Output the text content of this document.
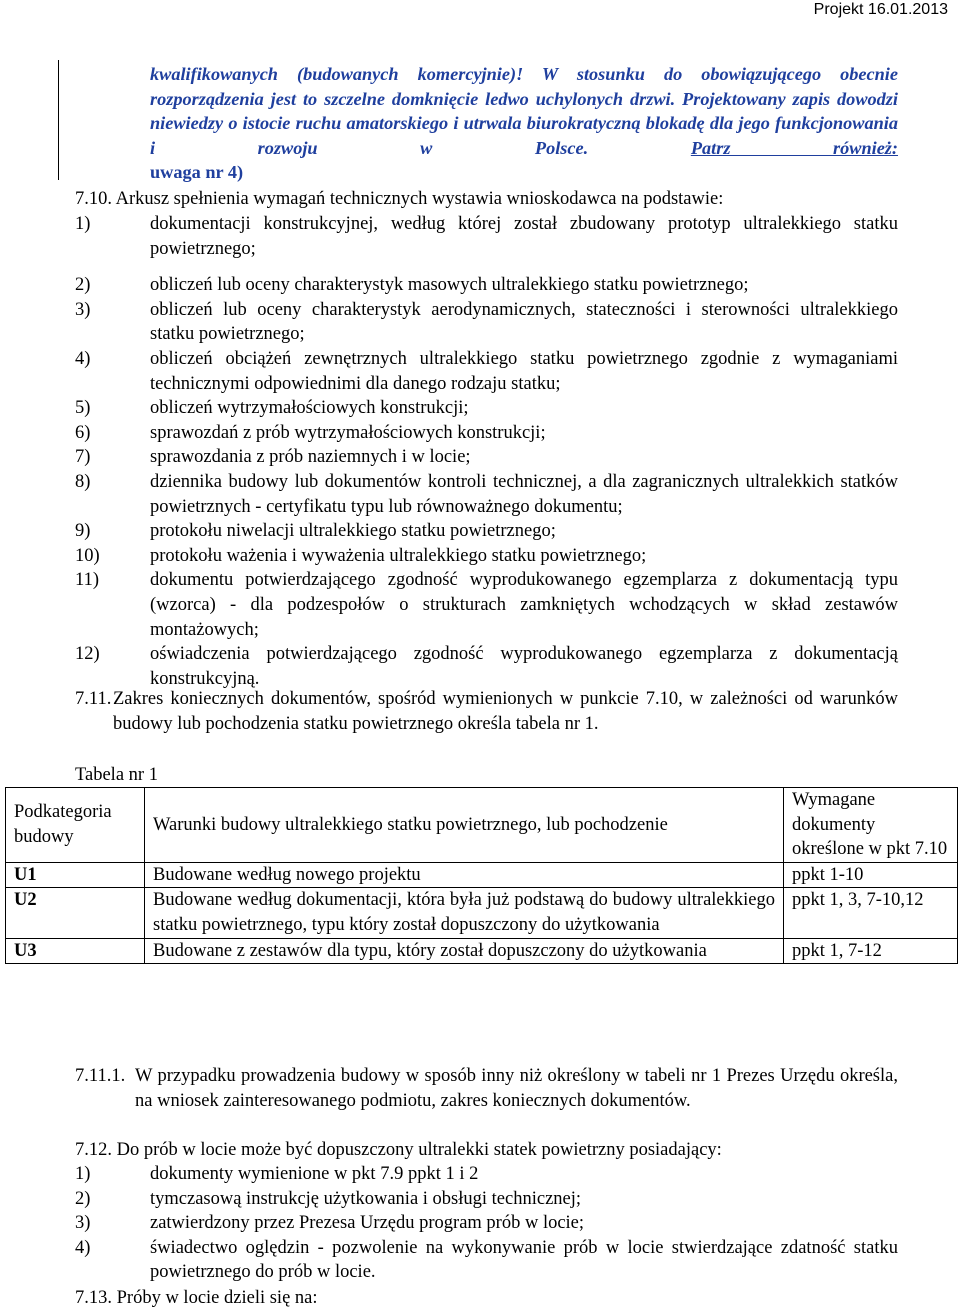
Projekt 16.01.2013
kwalifikowanych (budowanych komercyjnie)! W stosunku do obowiązującego obecnie rozporządzenia jest to szczelne domknięcie ledwo uchylonych drzwi. Projektowany zapis dowodzi niewiedzy o istocie ruchu amatorskiego i utrwala biurokratyczną blokadę dla jego funkcjonowania i rozwoju w Polsce.	Patrz również:
uwaga nr 4)
7.10. Arkusz spełnienia wymagań technicznych wystawia wnioskodawca na podstawie:
1)	dokumentacji konstrukcyjnej, według której został zbudowany prototyp ultralekkiego statku powietrznego;
2)	obliczeń lub oceny charakterystyk masowych ultralekkiego statku powietrznego;
3)	obliczeń lub oceny charakterystyk aerodynamicznych, stateczności i sterowności ultralekkiego statku powietrznego;
4)	obliczeń obciążeń zewnętrznych ultralekkiego statku powietrznego zgodnie z wymaganiami technicznymi odpowiednimi dla danego rodzaju statku;
5)	obliczeń wytrzymałościowych konstrukcji;
6)	sprawozdań z prób wytrzymałościowych konstrukcji;
7)	sprawozdania z prób naziemnych i w locie;
8)	dziennika budowy lub dokumentów kontroli technicznej, a dla zagranicznych ultralekkich statków powietrznych - certyfikatu typu lub równoważnego dokumentu;
9)	protokołu niwelacji ultralekkiego statku powietrznego;
10)	protokołu ważenia i wyważenia ultralekkiego statku powietrznego;
11)	dokumentu potwierdzającego zgodność wyprodukowanego egzemplarza z dokumentacją typu (wzorca) - dla podzespołów o strukturach zamkniętych wchodzących w skład zestawów montażowych;
12)	oświadczenia potwierdzającego zgodność wyprodukowanego egzemplarza z dokumentacją konstrukcyjną.
7.11. Zakres koniecznych dokumentów, spośród wymienionych w punkcie 7.10, w zależności od warunków budowy lub pochodzenia statku powietrznego określa tabela nr 1.
Tabela nr 1
Podkategoria budowy	Warunki budowy ultralekkiego statku powietrznego, lub pochodzenie	Wymagane dokumenty określone w pkt 7.10
U1	Budowane według nowego projektu	ppkt 1-10
U2	Budowane według dokumentacji, która była już podstawą do budowy ultralekkiego statku powietrznego, typu który został dopuszczony do użytkowania	ppkt 1, 3, 7-10,12
U3	Budowane z zestawów dla typu, który został dopuszczony do użytkowania	ppkt 1, 7-12
7.11.1. W przypadku prowadzenia budowy w sposób inny niż określony w tabeli nr 1 Prezes Urzędu określa, na wniosek zainteresowanego podmiotu, zakres koniecznych dokumentów.
7.12. Do prób w locie może być dopuszczony ultralekki statek powietrzny posiadający:
1)	dokumenty wymienione w pkt 7.9 ppkt 1 i 2
2)	tymczasową instrukcję użytkowania i obsługi technicznej;
3)	zatwierdzony przez Prezesa Urzędu program prób w locie;
4)	świadectwo oględzin - pozwolenie na wykonywanie prób w locie stwierdzające zdatność statku powietrznego do prób w locie.
7.13. Próby w locie dzieli się na:
